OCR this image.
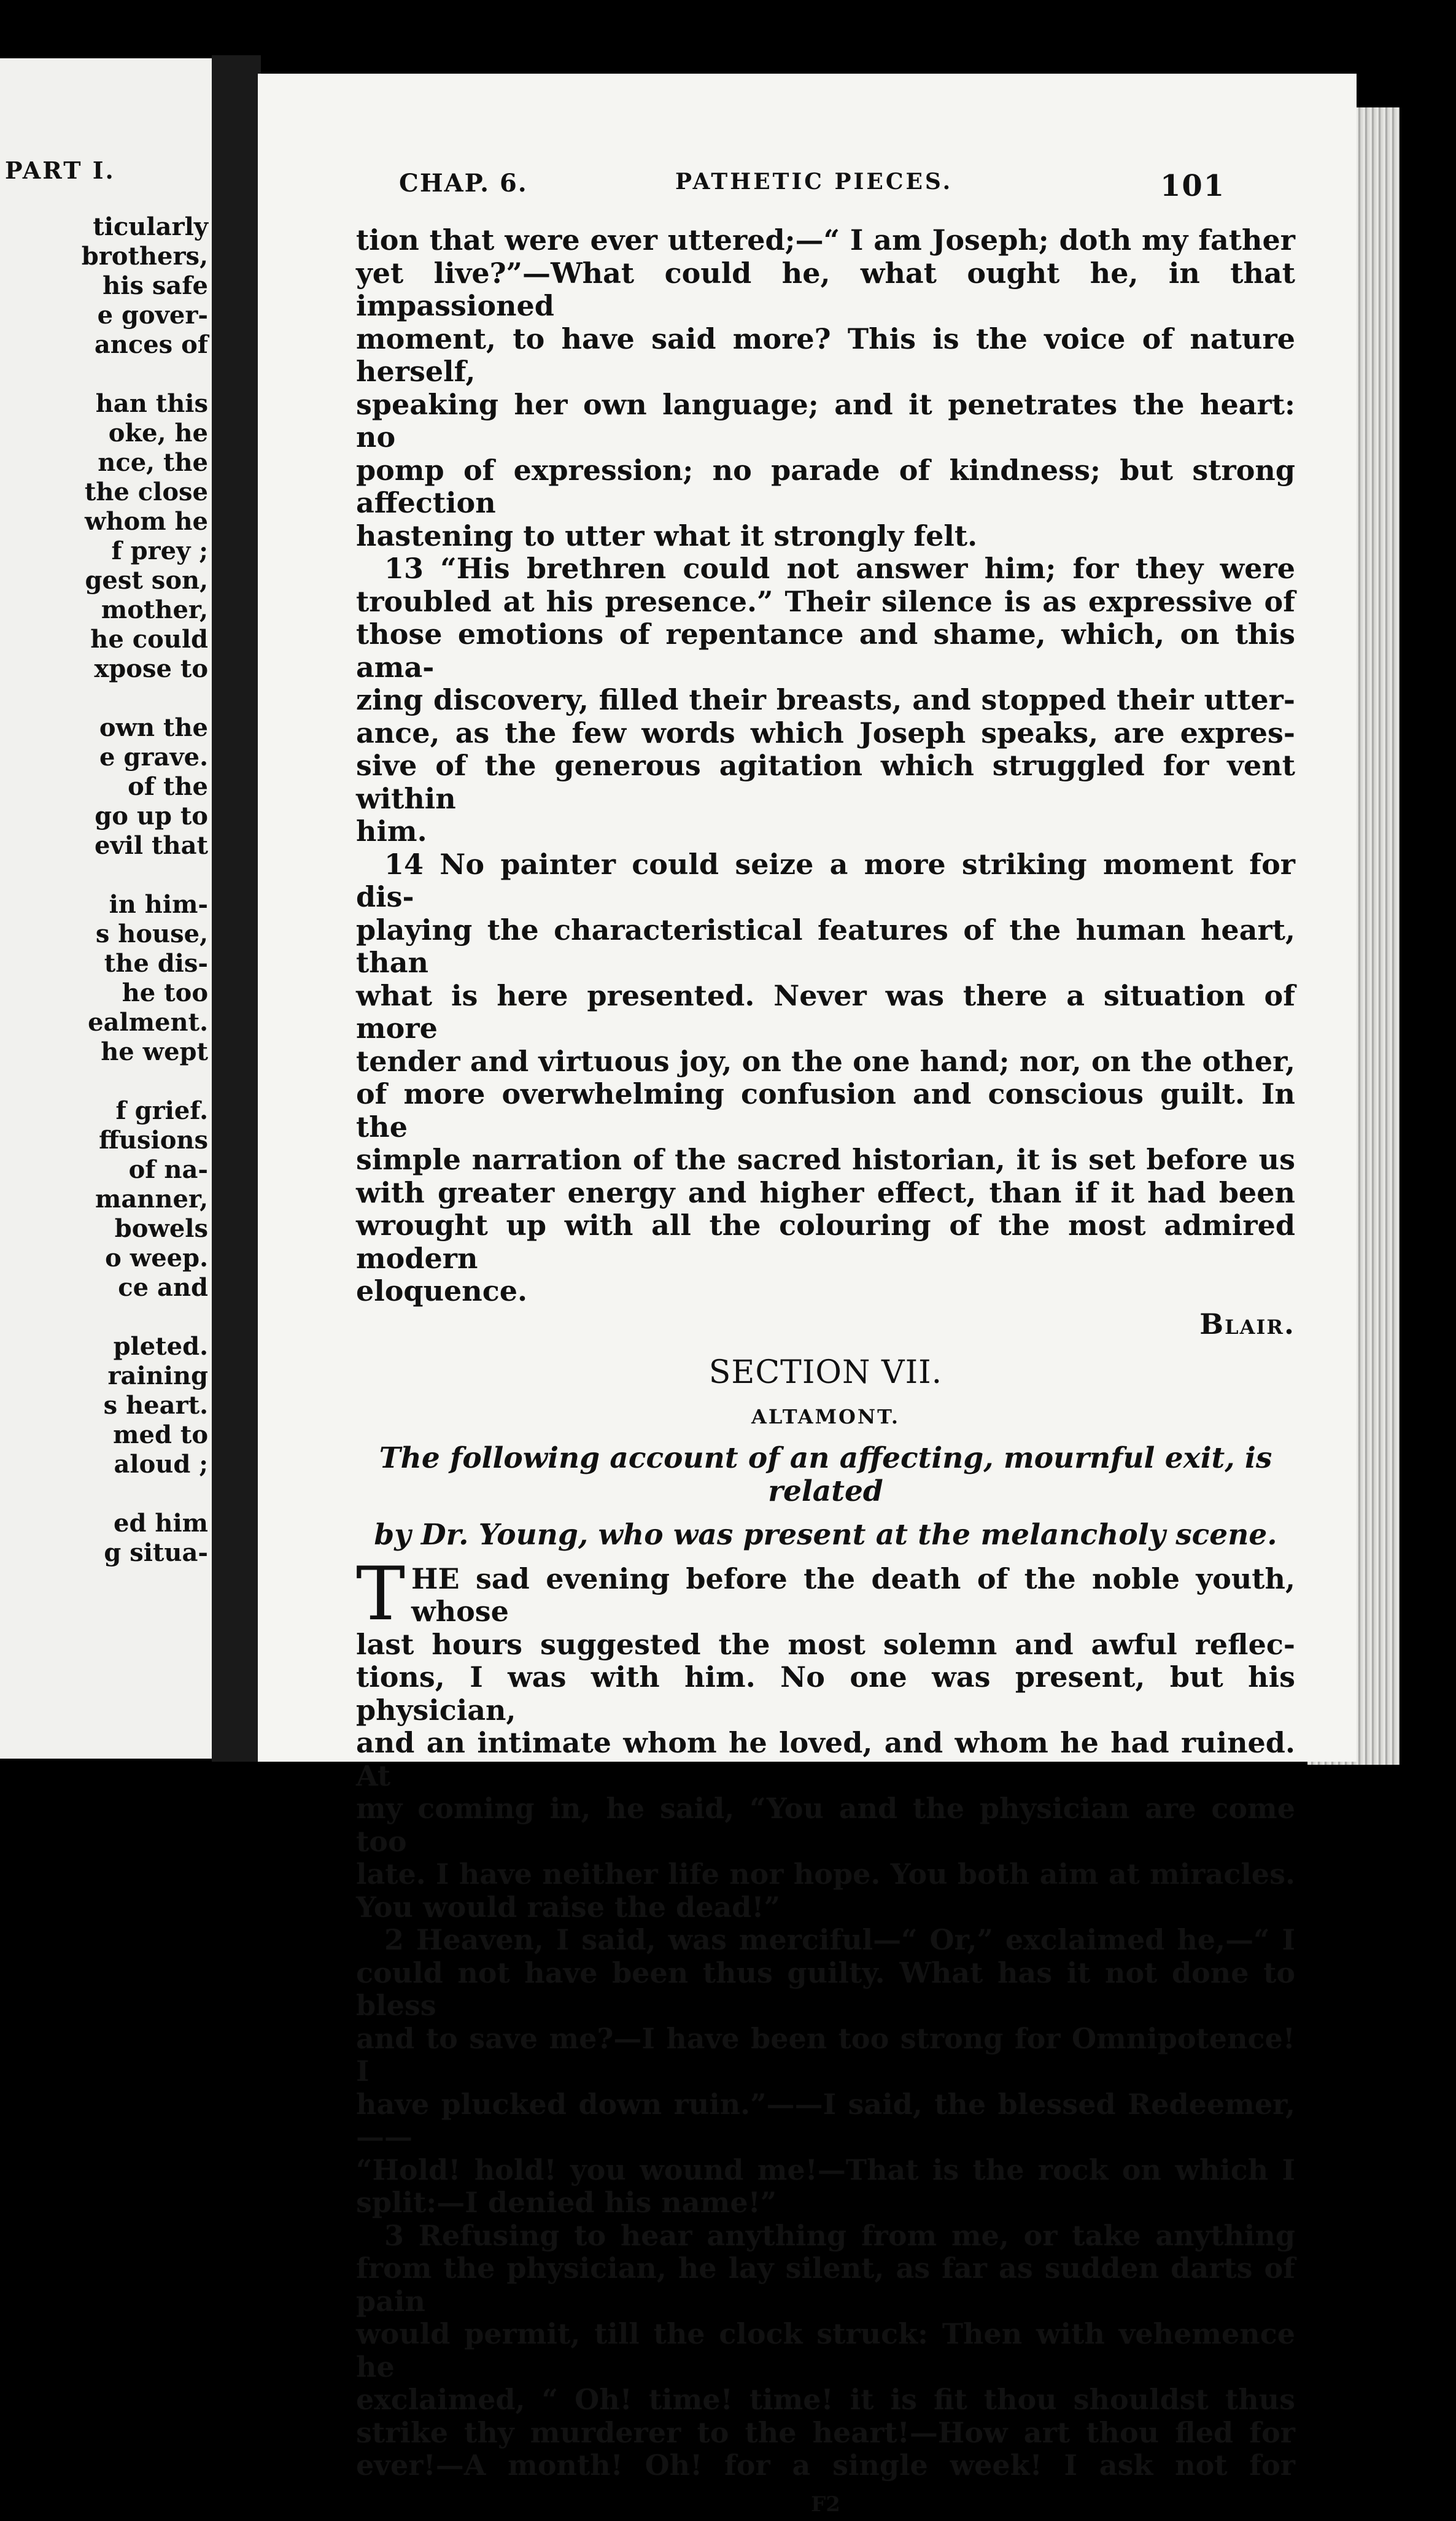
PART I.
ticularly
brothers,
his safe
e gover-
ances of
han this
oke, he
nce, the
the close
whom he
f prey ;
gest son,
mother,
he could
xpose to
own the
e grave.
of the
go up to
evil that
in him-
s house,
the dis-
he too
ealment.
he wept
f grief.
ffusions
of na-
manner,
bowels
o weep.
ce and
pleted.
raining
s heart.
med to
aloud ;
ed him
g situa-
CHAP. 6.	PATHETIC PIECES.	101

tion that were ever uttered;—“ I am Joseph; doth my father

yet live?”—What could he, what ought he, in that impassioned

moment, to have said more? This is the voice of nature herself,

speaking her own language; and it penetrates the heart: no

pomp of expression; no parade of kindness; but strong affection

hastening to utter what it strongly felt.

13 “His brethren could not answer him; for they were

troubled at his presence.” Their silence is as expressive of

those emotions of repentance and shame, which, on this ama-

zing discovery, filled their breasts, and stopped their utter-

ance, as the few words which Joseph speaks, are expres-

sive of the generous agitation which struggled for vent within

him.

14 No painter could seize a more striking moment for dis-

playing the characteristical features of the human heart, than

what is here presented. Never was there a situation of more

tender and virtuous joy, on the one hand; nor, on the other,

of more overwhelming confusion and conscious guilt. In the

simple narration of the sacred historian, it is set before us

with greater energy and higher effect, than if it had been

wrought up with all the colouring of the most admired modern

eloquence.

Blair.

SECTION VII.

ALTAMONT.

The following account of an affecting, mournful exit, is related

by Dr. Young, who was present at the melancholy scene.

T HE sad evening before the death of the noble youth, whose

last hours suggested the most solemn and awful reflec-

tions, I was with him. No one was present, but his physician,

and an intimate whom he loved, and whom he had ruined. At

my coming in, he said, “You and the physician are come too

late. I have neither life nor hope. You both aim at miracles.

You would raise the dead!”

2 Heaven, I said, was merciful—“ Or,” exclaimed he,—“ I

could not have been thus guilty. What has it not done to bless

and to save me?—I have been too strong for Omnipotence! I

have plucked down ruin.”——I said, the blessed Redeemer,——

“Hold! hold! you wound me!—That is the rock on which I

split:—I denied his name!”

3 Refusing to hear anything from me, or take anything

from the physician, he lay silent, as far as sudden darts of pain

would permit, till the clock struck: Then with vehemence he

exclaimed, “ Oh! time! time! it is fit thou shouldst thus

strike thy murderer to the heart!—How art thou fled for

ever!—A month! Oh! for a single week! I ask not for

F2
